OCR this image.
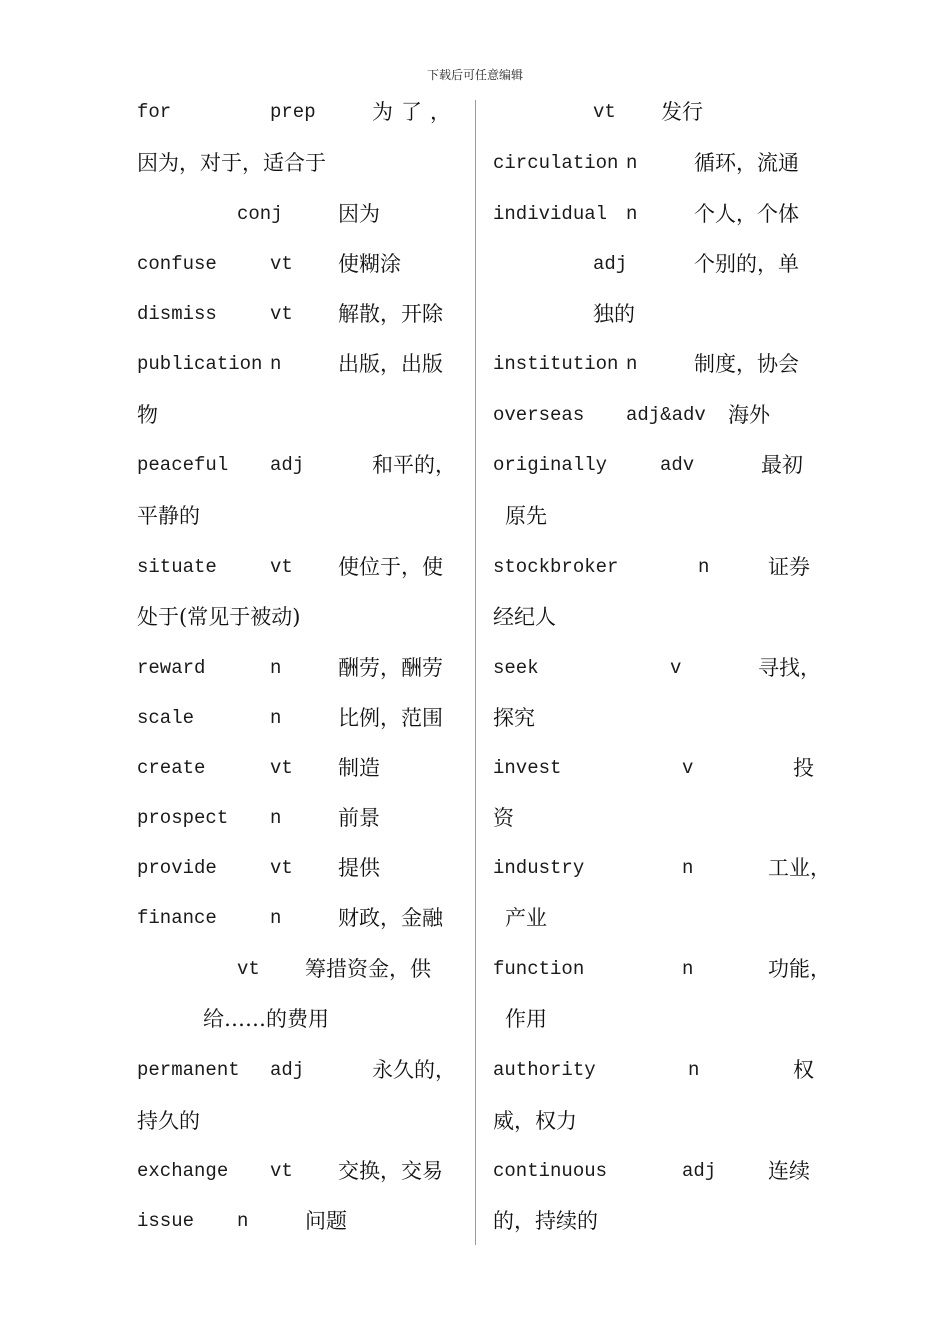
下载后可任意编辑
for	prep	为了，
因为，对于，适合于
conj	因为
confuse	vt 使糊涂
dismiss	vt 解散，开除
publication n	出版，出版
物
peaceful adj	和平的，
平静的
situate	vt 使位于，使
处于(常见于被动)
reward	n	酬劳，酬劳
scale	n	比例，范围
create	vt 制造
prospect n	前景
provide	vt 提供
finance	n	财政，金融
vt 筹措资金，供
给……的费用
permanent adj	永久的，
持久的
exchange vt 交换，交易
issue n	问题
vt 发行
circulation n	循环，流通
individual n	个人，个体
adj	个别的，单
独的
institution n	制度，协会
overseas adj&adv 海外
originally	adv	最初
原先
stockbroker	n	证券
经纪人
seek	v	寻找，
探究
invest	v	投
资
industry	n	工业，
产业
function	n	功能，
作用
authority	n	权
威，权力
continuous	adj 连续
的，持续的
